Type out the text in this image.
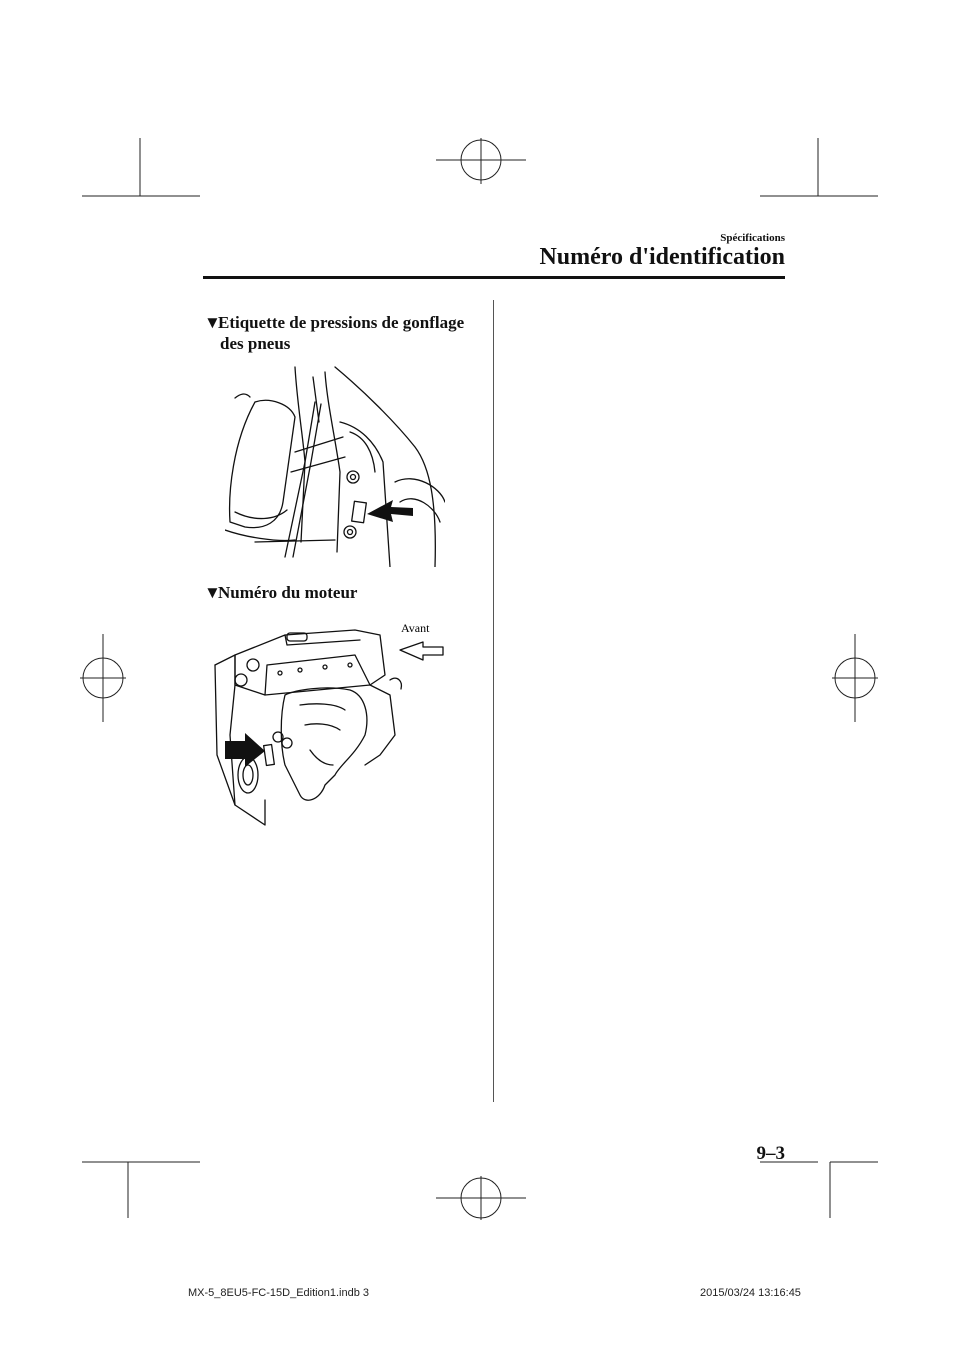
Spécifications
Numéro d'identification
▼Etiquette de pressions de gonflage
des pneus
▼Numéro du moteur
Avant
9–3
MX-5_8EU5-FC-15D_Edition1.indb 3	2015/03/24 13:16:45
